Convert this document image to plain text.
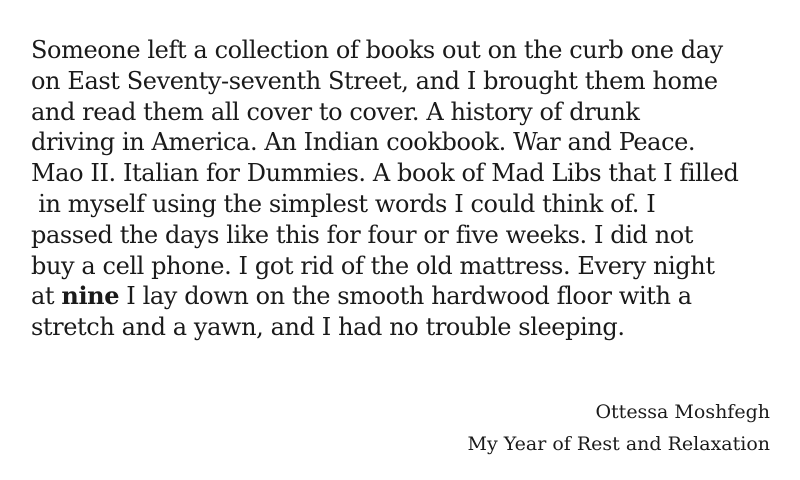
Someone left a collection of books out on the curb one day
on East Seventy-seventh Street, and I brought them home
and read them all cover to cover. A history of drunk
driving in America. An Indian cookbook. War and Peace.
Mao II. Italian for Dummies. A book of Mad Libs that I filled
in myself using the simplest words I could think of. I
passed the days like this for four or five weeks. I did not
buy a cell phone. I got rid of the old mattress. Every night
at nine I lay down on the smooth hardwood floor with a
stretch and a yawn, and I had no trouble sleeping.
Ottessa Moshfegh
My Year of Rest and Relaxation
